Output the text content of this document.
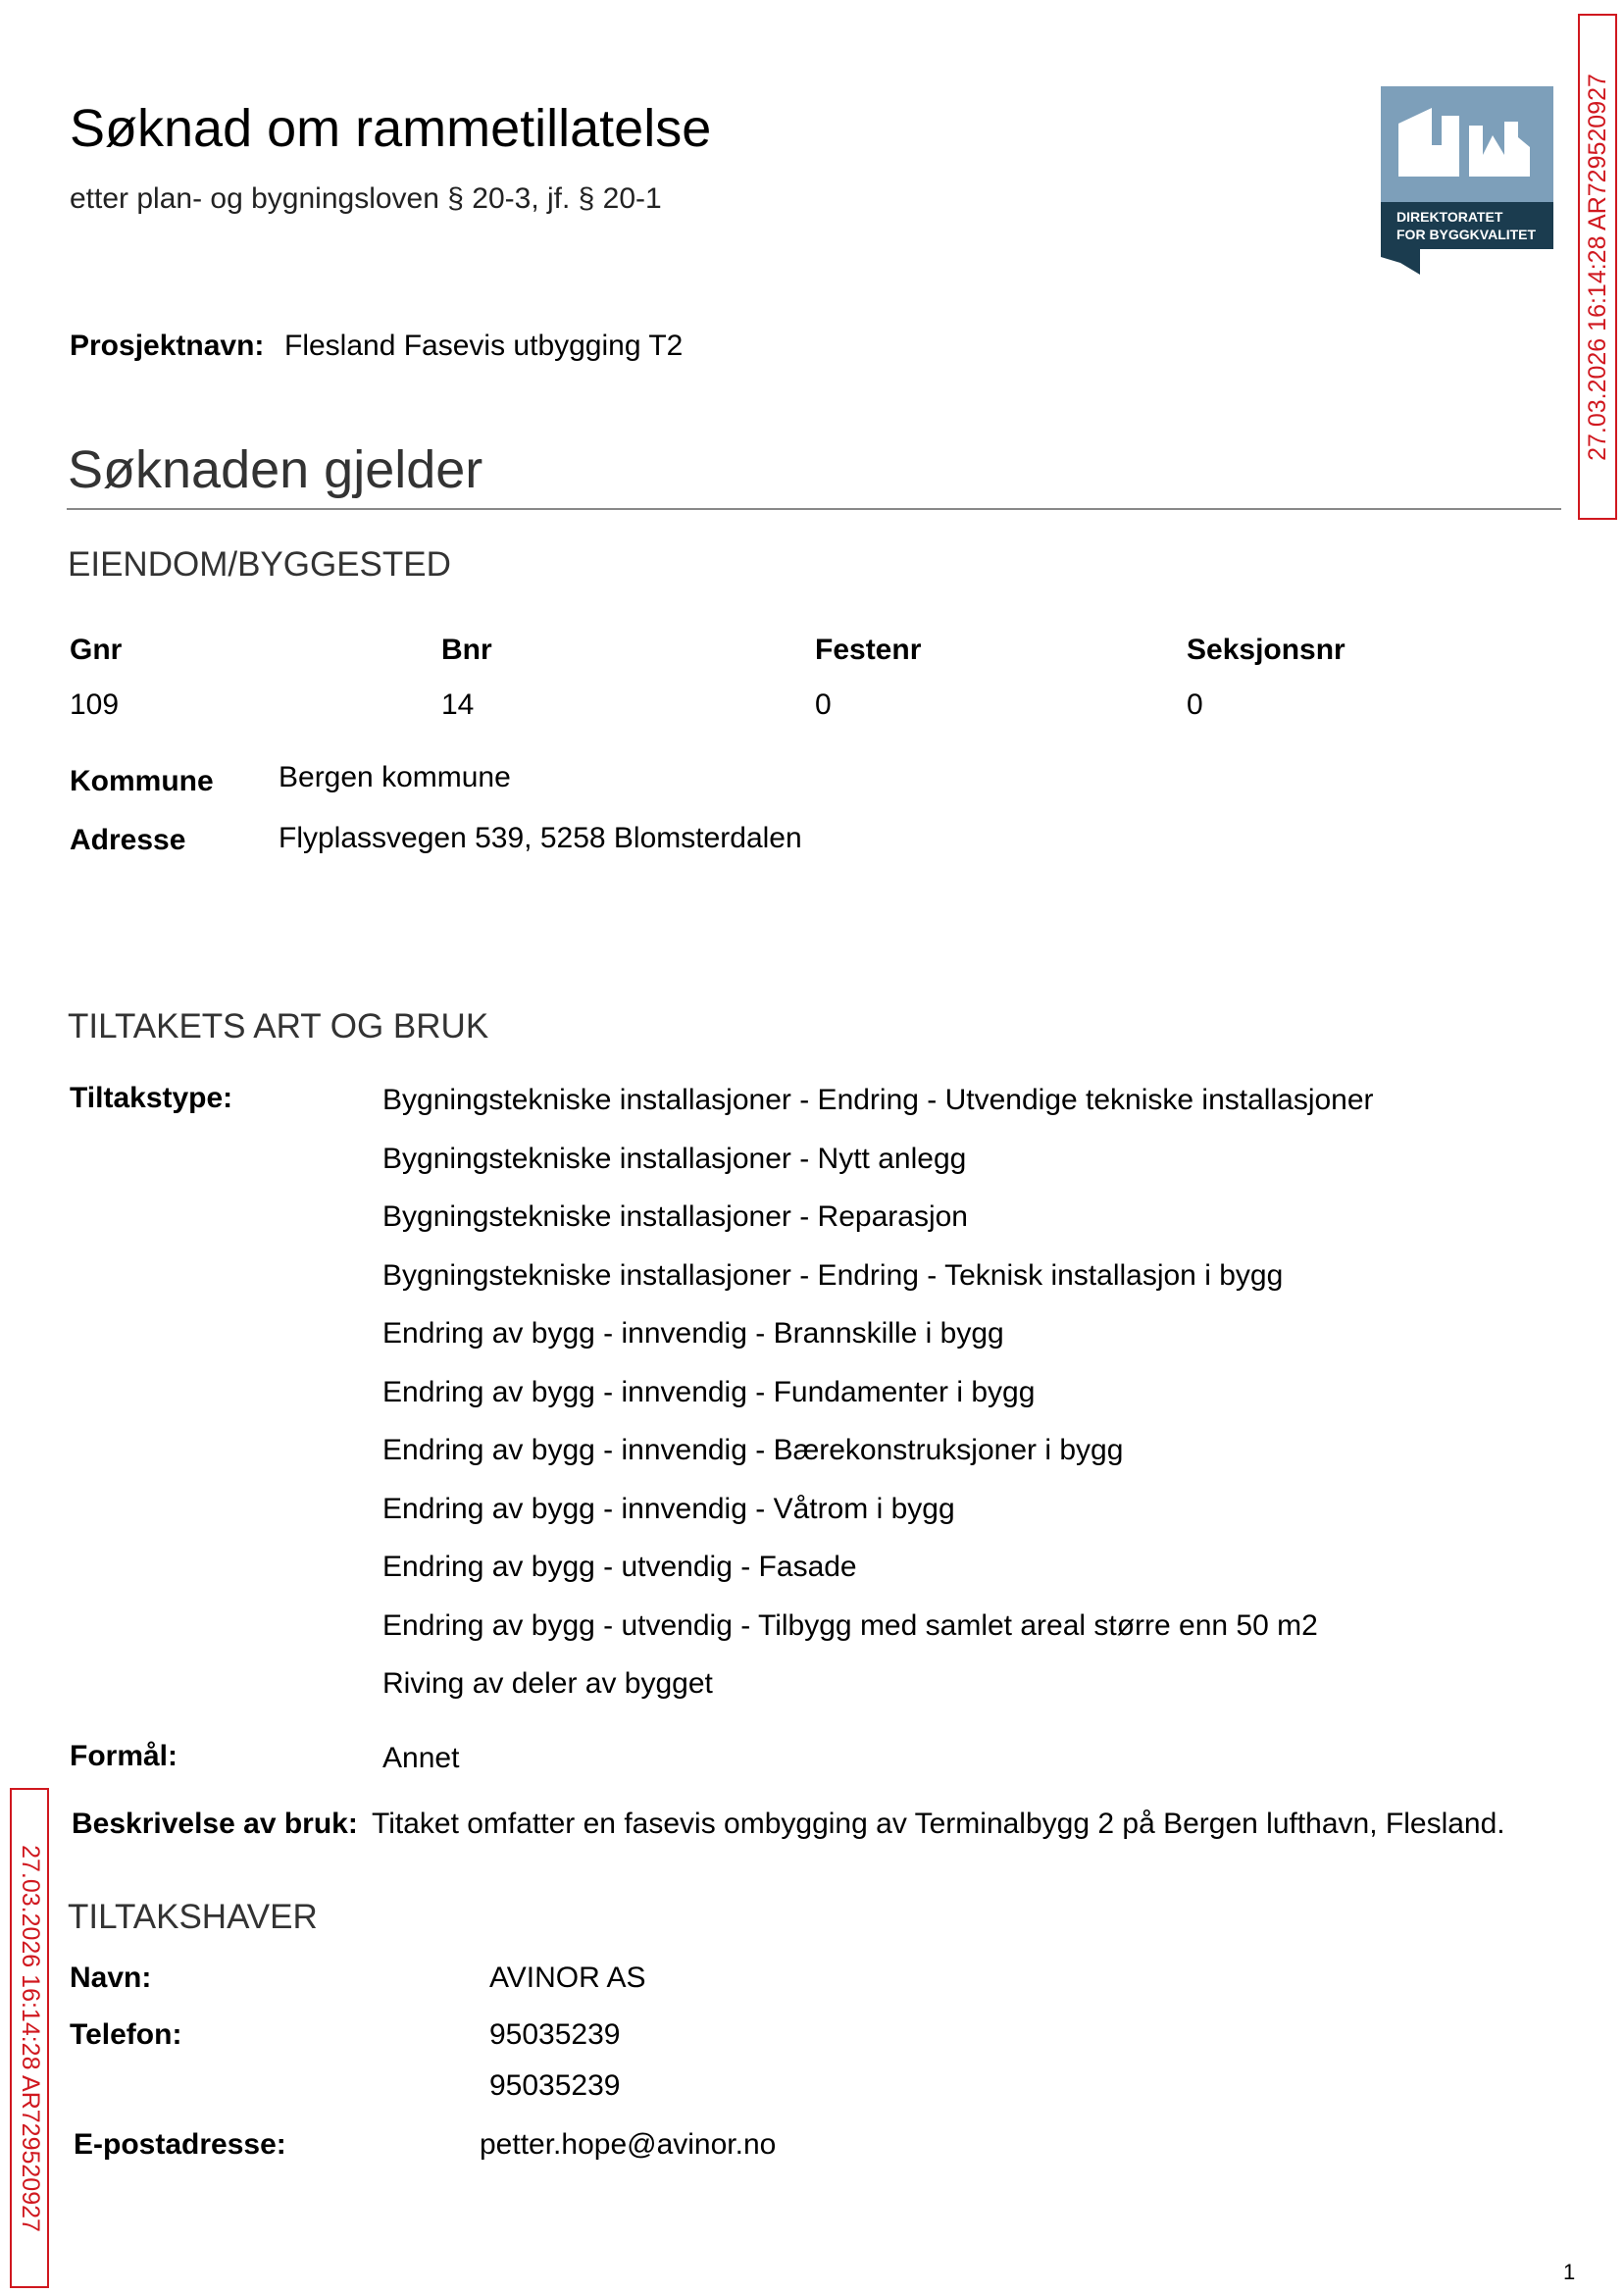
Søknad om rammetillatelse
etter plan- og bygningsloven § 20-3, jf. § 20-1
DIREKTORATET
FOR BYGGKVALITET 27.03.2026 16:14:28 AR729520927
27.03.2026 16:14:28 AR729520927
Prosjektnavn: Flesland Fasevis utbygging T2
Søknaden gjelder
EIENDOM/BYGGESTED
Gnr	Bnr	Festenr	Seksjonsnr
109	14	0	0
Kommune Bergen kommune
Adresse	Flyplassvegen 539, 5258 Blomsterdalen
TILTAKETS ART OG BRUK
Tiltakstype:	Bygningstekniske installasjoner - Endring - Utvendige tekniske installasjoner
Bygningstekniske installasjoner - Nytt anlegg
Bygningstekniske installasjoner - Reparasjon
Bygningstekniske installasjoner - Endring - Teknisk installasjon i bygg
Endring av bygg - innvendig - Brannskille i bygg
Endring av bygg - innvendig - Fundamenter i bygg
Endring av bygg - innvendig - Bærekonstruksjoner i bygg
Endring av bygg - innvendig - Våtrom i bygg
Endring av bygg - utvendig - Fasade
Endring av bygg - utvendig - Tilbygg med samlet areal større enn 50 m2
Riving av deler av bygget
Formål:	Annet
Beskrivelse av bruk: Titaket omfatter en fasevis ombygging av Terminalbygg 2 på Bergen lufthavn, Flesland.
TILTAKSHAVER
Navn:	AVINOR AS
Telefon:	95035239
95035239
E-postadresse:	petter.hope@avinor.no
1
